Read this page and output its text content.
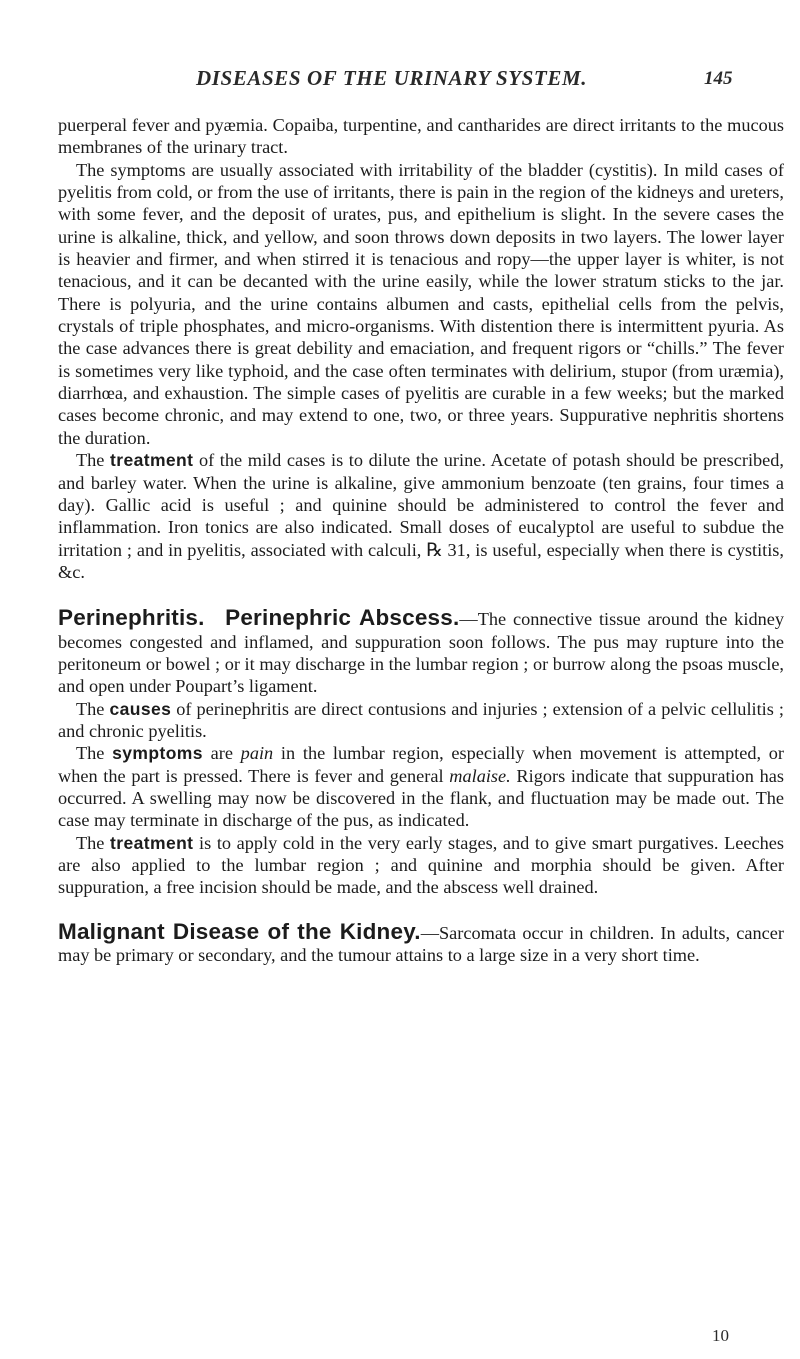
DISEASES OF THE URINARY SYSTEM.	145

puerperal fever and pyæmia. Copaiba, turpentine, and cantharides are direct irritants to the mucous membranes of the urinary tract.

The symptoms are usually associated with irritability of the bladder (cystitis). In mild cases of pyelitis from cold, or from the use of irritants, there is pain in the region of the kidneys and ureters, with some fever, and the deposit of urates, pus, and epithelium is slight. In the severe cases the urine is alkaline, thick, and yellow, and soon throws down deposits in two layers. The lower layer is heavier and firmer, and when stirred it is tenacious and ropy—the upper layer is whiter, is not tenacious, and it can be decanted with the urine easily, while the lower stratum sticks to the jar. There is polyuria, and the urine contains albumen and casts, epithelial cells from the pelvis, crystals of triple phosphates, and micro-organisms. With distention there is intermittent pyuria. As the case advances there is great debility and emaciation, and frequent rigors or “chills.” The fever is sometimes very like typhoid, and the case often terminates with delirium, stupor (from uræmia), diarrhœa, and exhaustion. The simple cases of pyelitis are curable in a few weeks; but the marked cases become chronic, and may extend to one, two, or three years. Suppurative nephritis shortens the duration.

The treatment of the mild cases is to dilute the urine. Acetate of potash should be prescribed, and barley water. When the urine is alkaline, give ammonium benzoate (ten grains, four times a day). Gallic acid is useful ; and quinine should be administered to control the fever and inflammation. Iron tonics are also indicated. Small doses of eucalyptol are useful to subdue the irritation ; and in pyelitis, associated with calculi, ℞ 31, is useful, especially when there is cystitis, &c.

Perinephritis. Perinephric Abscess.—The connective tissue around the kidney becomes congested and inflamed, and suppuration soon follows. The pus may rupture into the peritoneum or bowel ; or it may discharge in the lumbar region ; or burrow along the psoas muscle, and open under Poupart’s ligament.

The causes of perinephritis are direct contusions and injuries ; extension of a pelvic cellulitis ; and chronic pyelitis.

The symptoms are pain in the lumbar region, especially when movement is attempted, or when the part is pressed. There is fever and general malaise. Rigors indicate that suppuration has occurred. A swelling may now be discovered in the flank, and fluctuation may be made out. The case may terminate in discharge of the pus, as indicated.

The treatment is to apply cold in the very early stages, and to give smart purgatives. Leeches are also applied to the lumbar region ; and quinine and morphia should be given. After suppuration, a free incision should be made, and the abscess well drained.

Malignant Disease of the Kidney.—Sarcomata occur in children. In adults, cancer may be primary or secondary, and the tumour attains to a large size in a very short time.

10
